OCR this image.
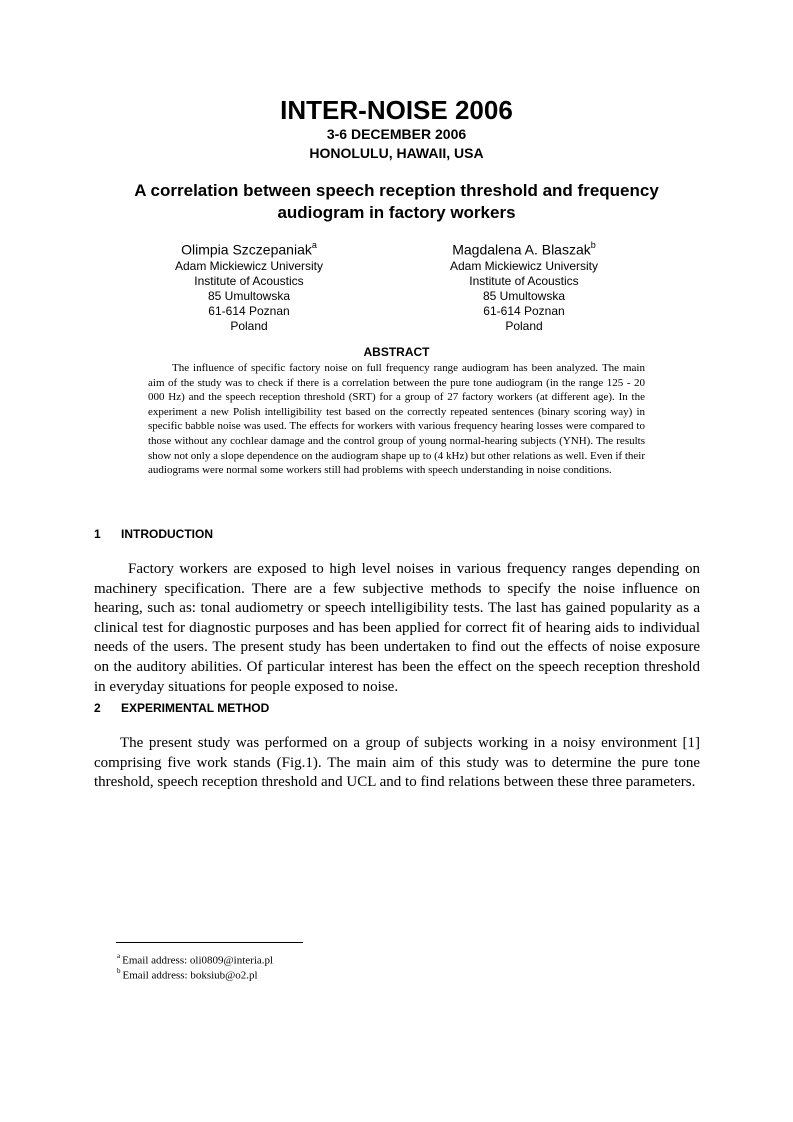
INTER-NOISE 2006
3-6 DECEMBER 2006
HONOLULU, HAWAII, USA
A correlation between speech reception threshold and frequency
audiogram in factory workers
Olimpia Szczepaniak$^a$
Adam Mickiewicz University
Institute of Acoustics
85 Umultowska
61-614 Poznan
Poland
Magdalena A. Blaszak$^b$
Adam Mickiewicz University
Institute of Acoustics
85 Umultowska
61-614 Poznan
Poland
ABSTRACT
The influence of specific factory noise on full frequency range audiogram has been analyzed. The main aim of the study was to check if there is a correlation between the pure tone audiogram (in the range 125 - 20 000 Hz) and the speech reception threshold (SRT) for a group of 27 factory workers (at different age). In the experiment a new Polish intelligibility test based on the correctly repeated sentences (binary scoring way) in specific babble noise was used. The effects for workers with various frequency hearing losses were compared to those without any cochlear damage and the control group of young normal-hearing subjects (YNH). The results show not only a slope dependence on the audiogram shape up to (4 kHz) but other relations as well. Even if their audiograms were normal some workers still had problems with speech understanding in noise conditions.
1 INTRODUCTION
Factory workers are exposed to high level noises in various frequency ranges depending on machinery specification. There are a few subjective methods to specify the noise influence on hearing, such as: tonal audiometry or speech intelligibility tests. The last has gained popularity as a clinical test for diagnostic purposes and has been applied for correct fit of hearing aids to individual needs of the users. The present study has been undertaken to find out the effects of noise exposure on the auditory abilities. Of particular interest has been the effect on the speech reception threshold in everyday situations for people exposed to noise.
2 EXPERIMENTAL METHOD
The present study was performed on a group of subjects working in a noisy environment [1] comprising five work stands (Fig.1). The main aim of this study was to determine the pure tone threshold, speech reception threshold and UCL and to find relations between these three parameters.
$^a$ Email address: oli0809@interia.pl
$^b$ Email address: boksiub@o2.pl
